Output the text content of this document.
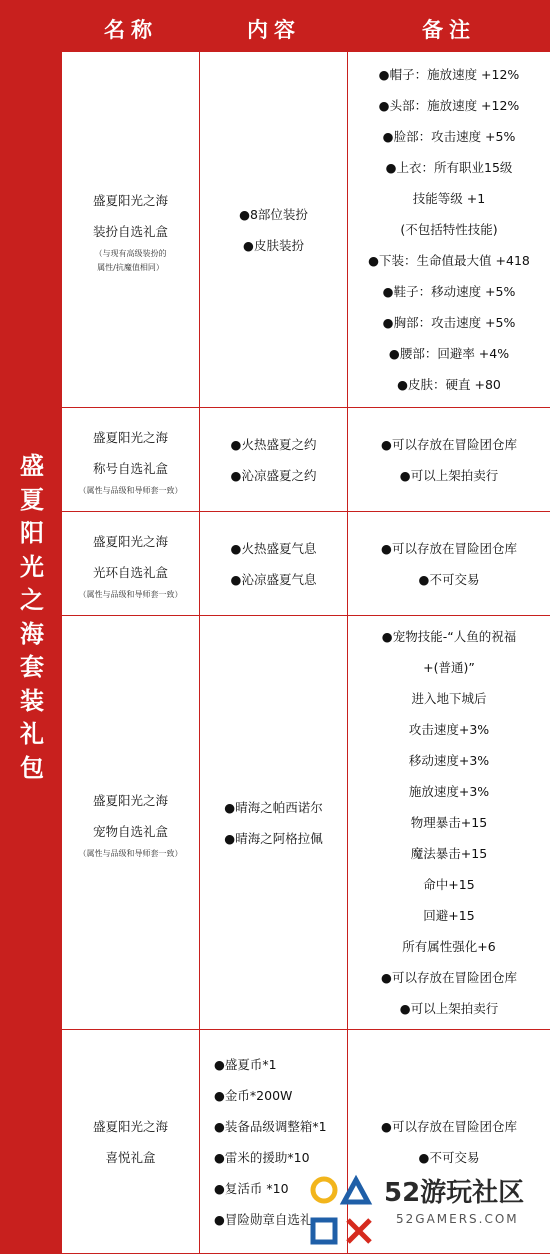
名称	内容	备注
盛夏阳光之海套装礼包
盛夏阳光之海
装扮自选礼盒
（与现有高级装扮的
属性/抗魔值相同）
●8部位装扮
●皮肤装扮
●帽子：施放速度 +12%
●头部：施放速度 +12%
●脸部：攻击速度 +5%
●上衣：所有职业15级
技能等级 +1
(不包括特性技能)
●下装：生命值最大值 +418
●鞋子：移动速度 +5%
●胸部：攻击速度 +5%
●腰部：回避率 +4%
●皮肤：硬直 +80
盛夏阳光之海
称号自选礼盒
（属性与品级和导师套一致）
●火热盛夏之约
●沁凉盛夏之约
●可以存放在冒险团仓库
●可以上架拍卖行
盛夏阳光之海
光环自选礼盒
（属性与品级和导师套一致）
●火热盛夏气息
●沁凉盛夏气息
●可以存放在冒险团仓库
●不可交易
盛夏阳光之海
宠物自选礼盒
（属性与品级和导师套一致）
●晴海之帕西诺尔
●晴海之阿格拉佩
●宠物技能-“人鱼的祝福
+(普通)”
进入地下城后
攻击速度+3%
移动速度+3%
施放速度+3%
物理暴击+15
魔法暴击+15
命中+15
回避+15
所有属性强化+6
●可以存放在冒险团仓库
●可以上架拍卖行
盛夏阳光之海
喜悦礼盒
●盛夏币*1
●金币*200W
●装备品级调整箱*1
●雷米的援助*10
●复活币 *10
●冒险勋章自选礼
●可以存放在冒险团仓库
●不可交易
52游玩社区
52GAMERS.COM
